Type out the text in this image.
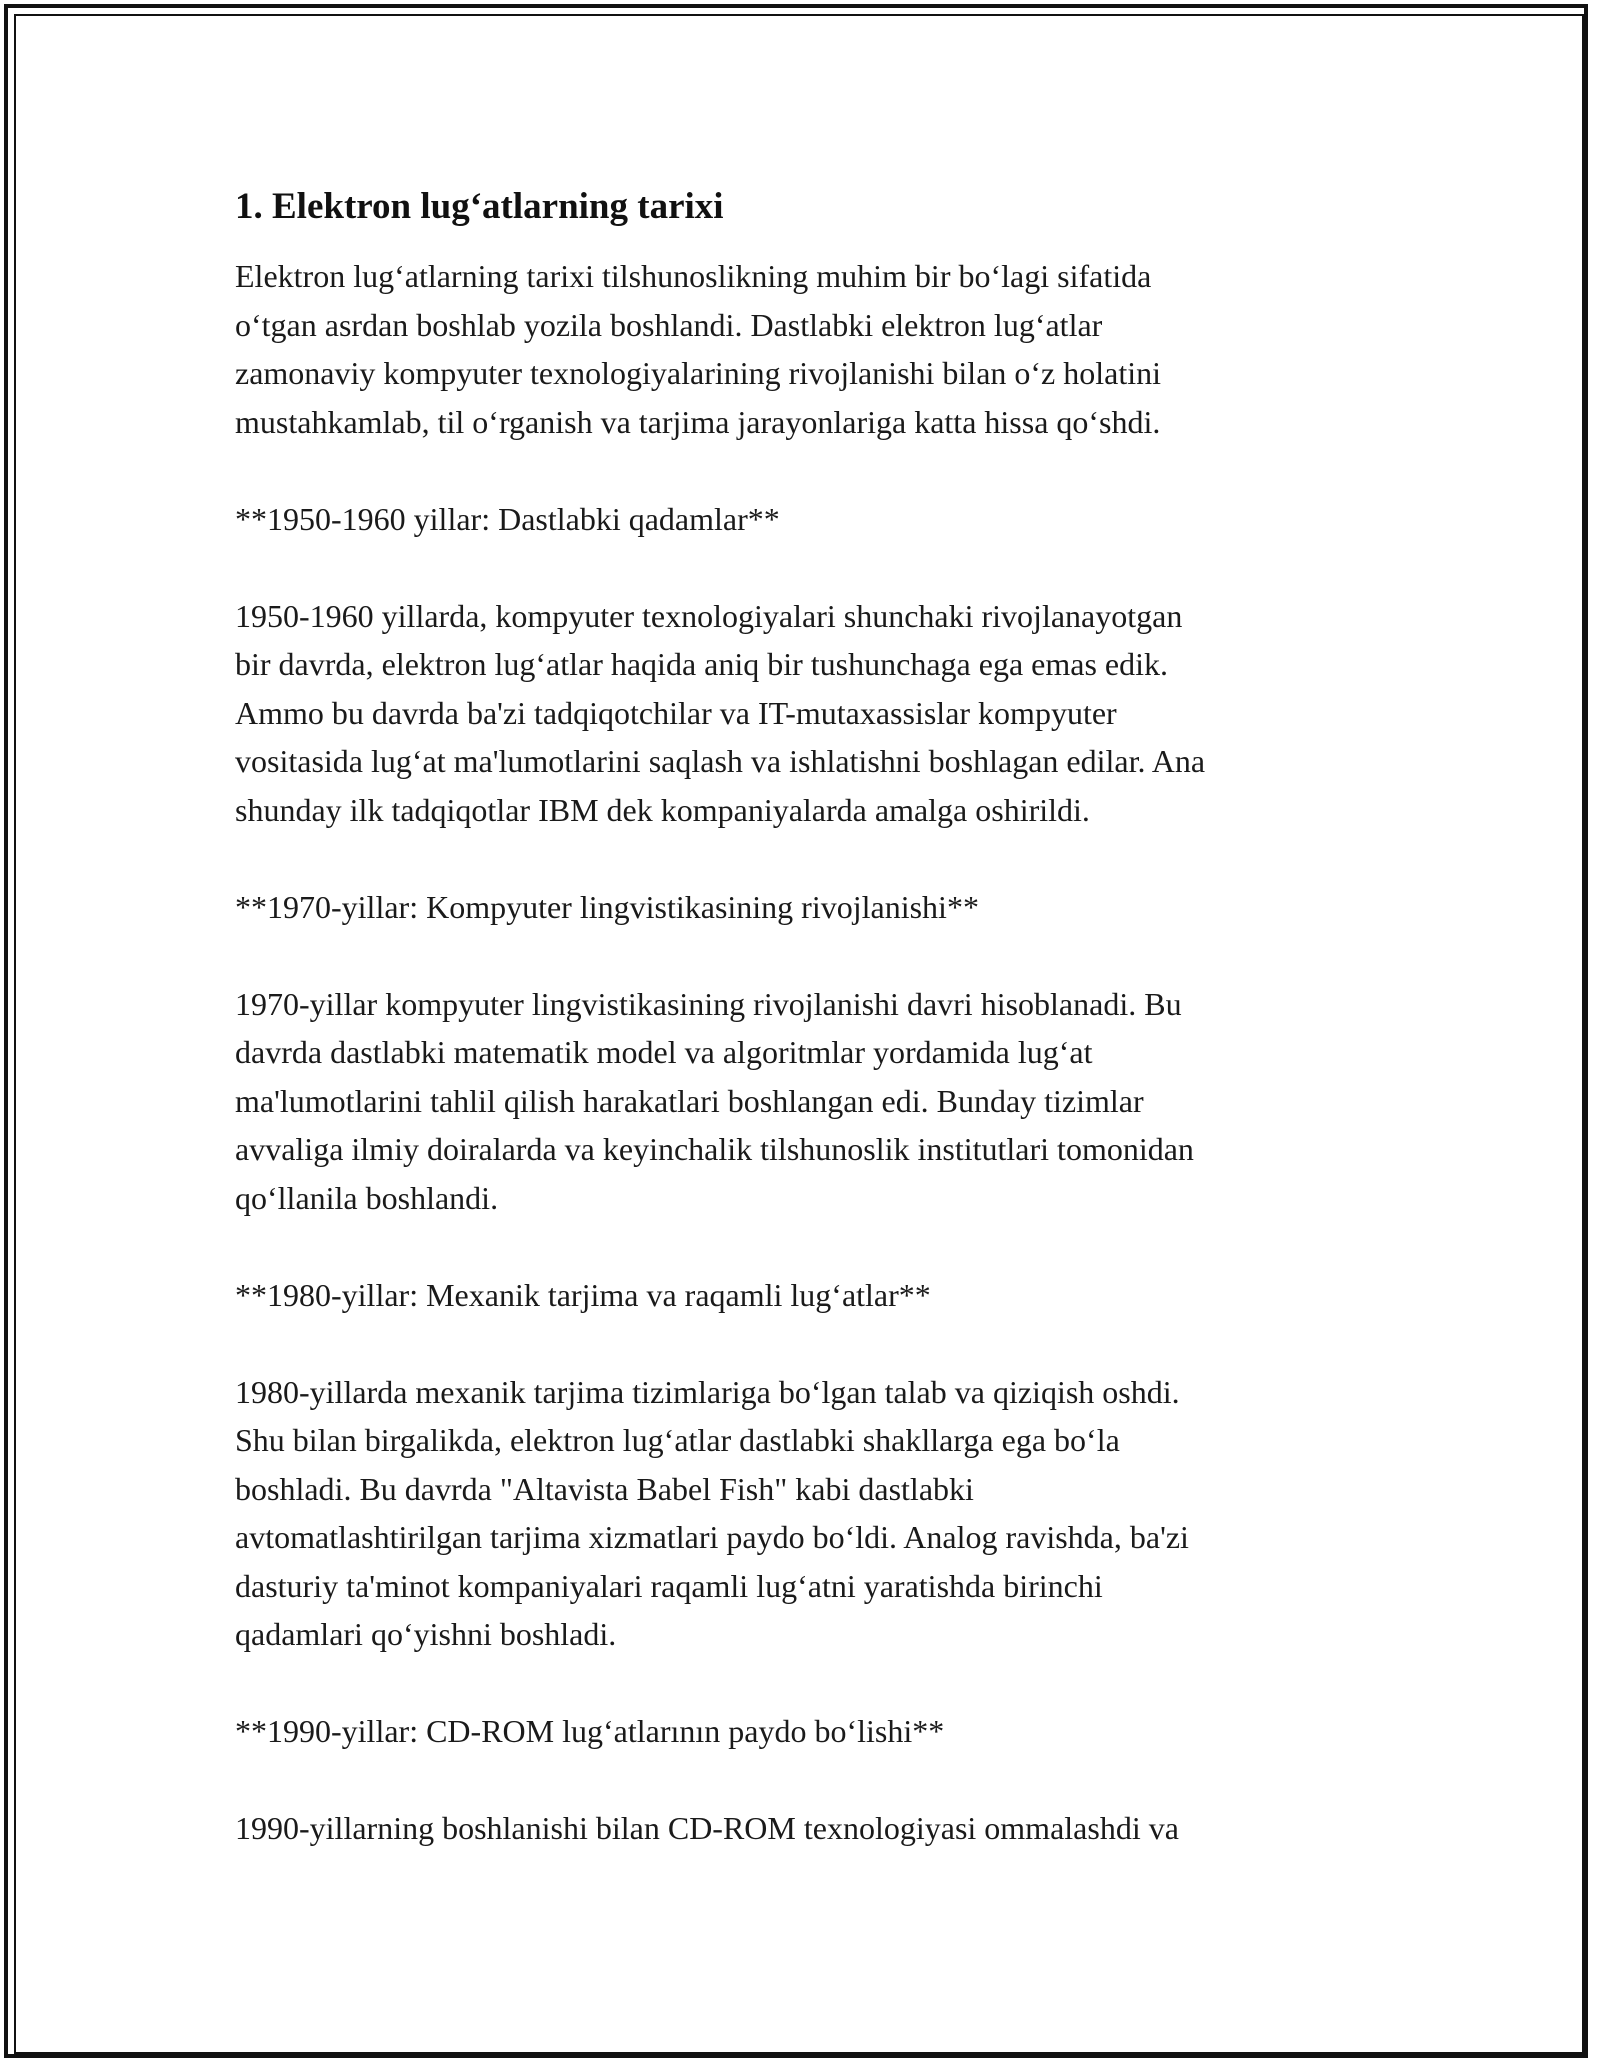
1. Elektron lug‘atlarning tarixi

Elektron lug‘atlarning tarixi tilshunoslikning muhim bir bo‘lagi sifatida
o‘tgan asrdan boshlab yozila boshlandi. Dastlabki elektron lug‘atlar
zamonaviy kompyuter texnologiyalarining rivojlanishi bilan o‘z holatini
mustahkamlab, til o‘rganish va tarjima jarayonlariga katta hissa qo‘shdi.

**1950-1960 yillar: Dastlabki qadamlar**

1950-1960 yillarda, kompyuter texnologiyalari shunchaki rivojlanayotgan
bir davrda, elektron lug‘atlar haqida aniq bir tushunchaga ega emas edik.
Ammo bu davrda ba'zi tadqiqotchilar va IT-mutaxassislar kompyuter
vositasida lug‘at ma'lumotlarini saqlash va ishlatishni boshlagan edilar. Ana
shunday ilk tadqiqotlar IBM dek kompaniyalarda amalga oshirildi.

**1970-yillar: Kompyuter lingvistikasining rivojlanishi**

1970-yillar kompyuter lingvistikasining rivojlanishi davri hisoblanadi. Bu
davrda dastlabki matematik model va algoritmlar yordamida lug‘at
ma'lumotlarini tahlil qilish harakatlari boshlangan edi. Bunday tizimlar
avvaliga ilmiy doiralarda va keyinchalik tilshunoslik institutlari tomonidan
qo‘llanila boshlandi.

**1980-yillar: Mexanik tarjima va raqamli lug‘atlar**

1980-yillarda mexanik tarjima tizimlariga bo‘lgan talab va qiziqish oshdi.
Shu bilan birgalikda, elektron lug‘atlar dastlabki shakllarga ega bo‘la
boshladi. Bu davrda "Altavista Babel Fish" kabi dastlabki
avtomatlashtirilgan tarjima xizmatlari paydo bo‘ldi. Analog ravishda, ba'zi
dasturiy ta'minot kompaniyalari raqamli lug‘atni yaratishda birinchi
qadamlari qo‘yishni boshladi.

**1990-yillar: CD-ROM lug‘atlarının paydo bo‘lishi**

1990-yillarning boshlanishi bilan CD-ROM texnologiyasi ommalashdi va
